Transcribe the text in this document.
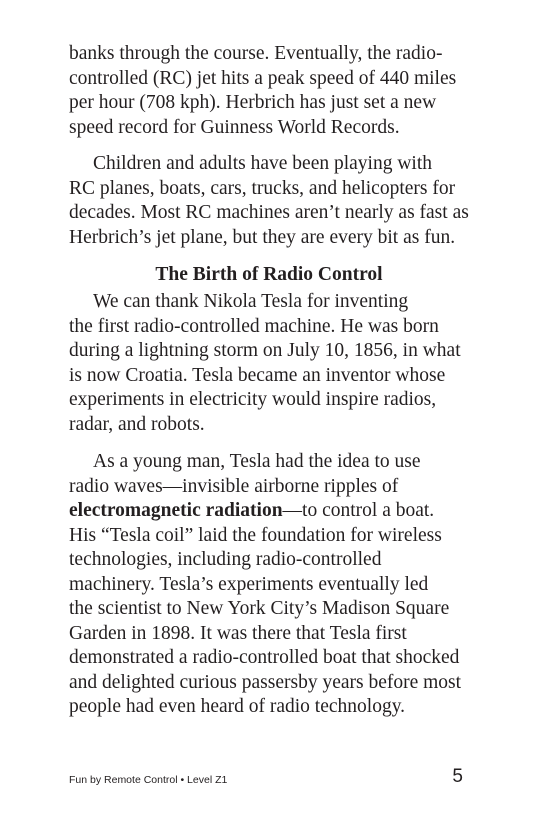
banks through the course. Eventually, the radio-
controlled (RC) jet hits a peak speed of 440 miles
per hour (708 kph). Herbrich has just set a new
speed record for Guinness World Records.
Children and adults have been playing with
RC planes, boats, cars, trucks, and helicopters for
decades. Most RC machines aren’t nearly as fast as
Herbrich’s jet plane, but they are every bit as fun.
The Birth of Radio Control
We can thank Nikola Tesla for inventing
the first radio-controlled machine. He was born
during a lightning storm on July 10, 1856, in what
is now Croatia. Tesla became an inventor whose
experiments in electricity would inspire radios,
radar, and robots.
As a young man, Tesla had the idea to use
radio waves—invisible airborne ripples of
electromagnetic radiation—to control a boat.
His “Tesla coil” laid the foundation for wireless
technologies, including radio-controlled
machinery. Tesla’s experiments eventually led
the scientist to New York City’s Madison Square
Garden in 1898. It was there that Tesla first
demonstrated a radio-controlled boat that shocked
and delighted curious passersby years before most
people had even heard of radio technology.
Fun by Remote Control • Level Z1	5
